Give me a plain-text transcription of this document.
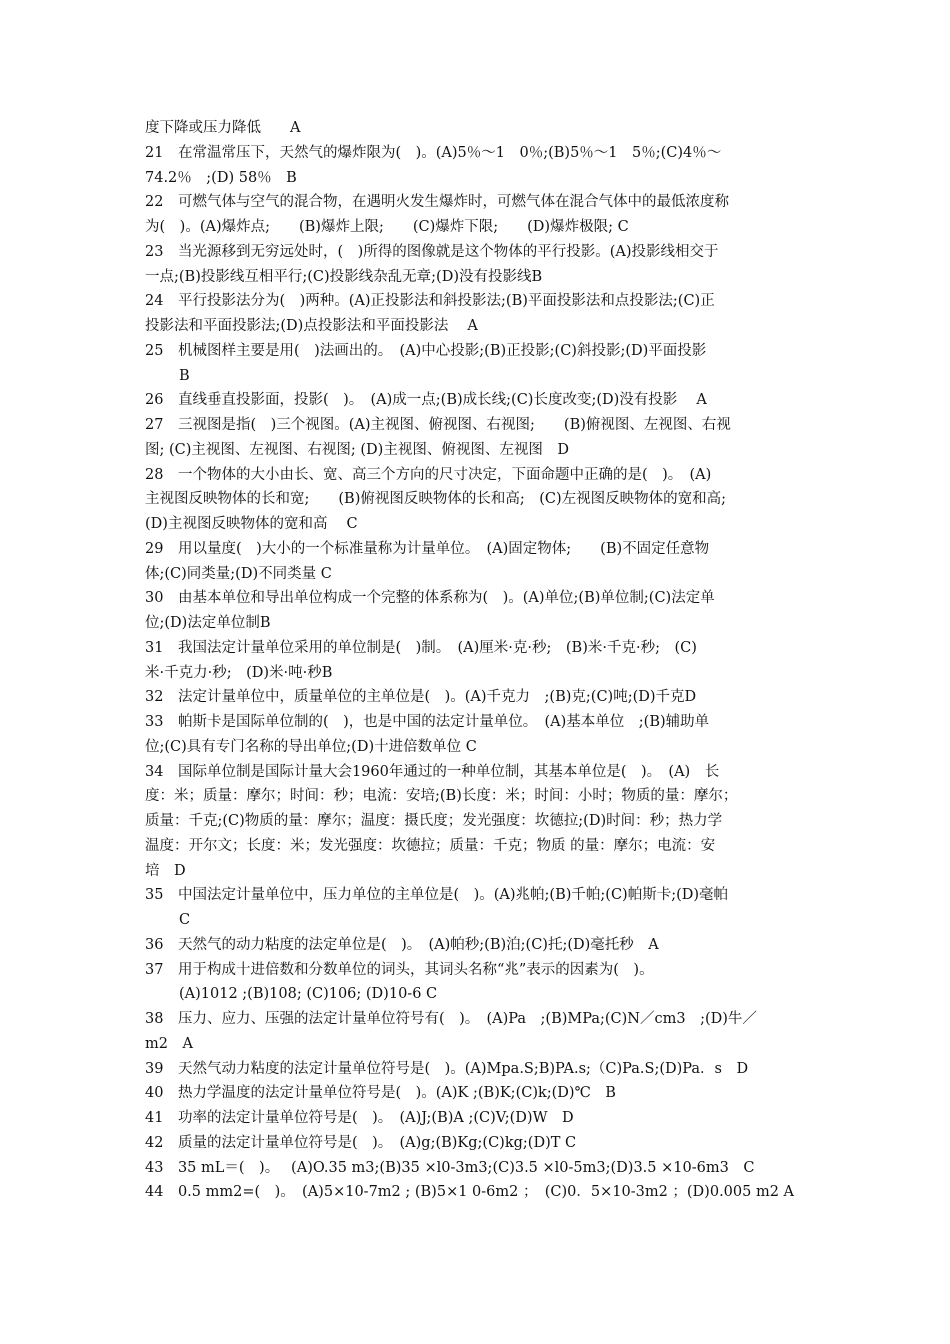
度下降或压力降低　　A
21　在常温常压下，天然气的爆炸限为(　)。(A)5％～1　0％;(B)5％～1　5％;(C)4％～
74.2％　;(D) 58％　B
22　可燃气体与空气的混合物，在遇明火发生爆炸时，可燃气体在混合气体中的最低浓度称
为(　)。(A)爆炸点;　　(B)爆炸上限;　　(C)爆炸下限;　　(D)爆炸极限; C
23　当光源移到无穷远处时，(　)所得的图像就是这个物体的平行投影。(A)投影线相交于
一点;(B)投影线互相平行;(C)投影线杂乱无章;(D)没有投影线B
24　平行投影法分为(　)两种。(A)正投影法和斜投影法;(B)平面投影法和点投影法;(C)正
投影法和平面投影法;(D)点投影法和平面投影法　 A
25　机械图样主要是用(　)法画出的。　(A)中心投影;(B)正投影;(C)斜投影;(D)平面投影
B
26　直线垂直投影面，投影(　)。　(A)成一点;(B)成长线;(C)长度改变;(D)没有投影　 A
27　三视图是指(　)三个视图。(A)主视图、俯视图、右视图;　　(B)俯视图、左视图、右视
图; (C)主视图、左视图、右视图; (D)主视图、俯视图、左视图　D
28　一个物体的大小由长、宽、高三个方向的尺寸决定，下面命题中正确的是(　)。　(A)
主视图反映物体的长和宽;　　(B)俯视图反映物体的长和高;　(C)左视图反映物体的宽和高;
(D)主视图反映物体的宽和高　 C
29　用以量度(　)大小的一个标准量称为计量单位。　(A)固定物体;　　(B)不固定任意物
体;(C)同类量;(D)不同类量 C
30　由基本单位和导出单位构成一个完整的体系称为(　)。(A)单位;(B)单位制;(C)法定单
位;(D)法定单位制B
31　我国法定计量单位采用的单位制是(　)制。　(A)厘米·克·秒;　(B)米·千克·秒;　(C)
米·千克力·秒;　(D)米·吨·秒B
32　法定计量单位中，质量单位的主单位是(　)。(A)千克力　;(B)克;(C)吨;(D)千克D
33　帕斯卡是国际单位制的(　)，也是中国的法定计量单位。　(A)基本单位　;(B)辅助单
位;(C)具有专门名称的导出单位;(D)十进倍数单位 C
34　国际单位制是国际计量大会1960年通过的一种单位制，其基本单位是(　)。　(A)　长
度：米；质量：摩尔；时间：秒；电流：安培;(B)长度：米；时间：小时；物质的量：摩尔；
质量：千克;(C)物质的量：摩尔；温度：摄氏度；发光强度：坎德拉;(D)时间：秒；热力学
温度：开尔文；长度：米；发光强度：坎德拉；质量：千克；物质 的量：摩尔；电流：安
培　D
35　中国法定计量单位中，压力单位的主单位是(　)。(A)兆帕;(B)千帕;(C)帕斯卡;(D)毫帕
C
36　天然气的动力粘度的法定单位是(　)。　(A)帕秒;(B)泊;(C)托;(D)毫托秒　A
37　用于构成十进倍数和分数单位的词头，其词头名称“兆”表示的因素为(　)。
(A)1012 ;(B)108; (C)106; (D)10-6 C
38　压力、应力、压强的法定计量单位符号有(　)。　(A)Pa　;(B)MPa;(C)N／cm3　;(D)牛／
m2　A
39　天然气动力粘度的法定计量单位符号是(　)。(A)Mpa.S;B)PA.s;（C)Pa.S;(D)Pa．s　D
40　热力学温度的法定计量单位符号是(　)。(A)K ;(B)K;(C)k;(D)℃　B
41　功率的法定计量单位符号是(　)。　(A)J;(B)A ;(C)V;(D)W　D
42　质量的法定计量单位符号是(　)。　(A)g;(B)Kg;(C)kg;(D)T C
43　35 mL＝(　)。　 (A)O.35 m3;(B)35 ×l0-3m3;(C)3.5 ×l0-5m3;(D)3.5 ×10-6m3　C
44　0.5 mm2=(　)。　(A)5×10-7m2 ; (B)5×1 0-6m2 ；　(C)0．5×10-3m2 ；(D)0.005 m2 A
